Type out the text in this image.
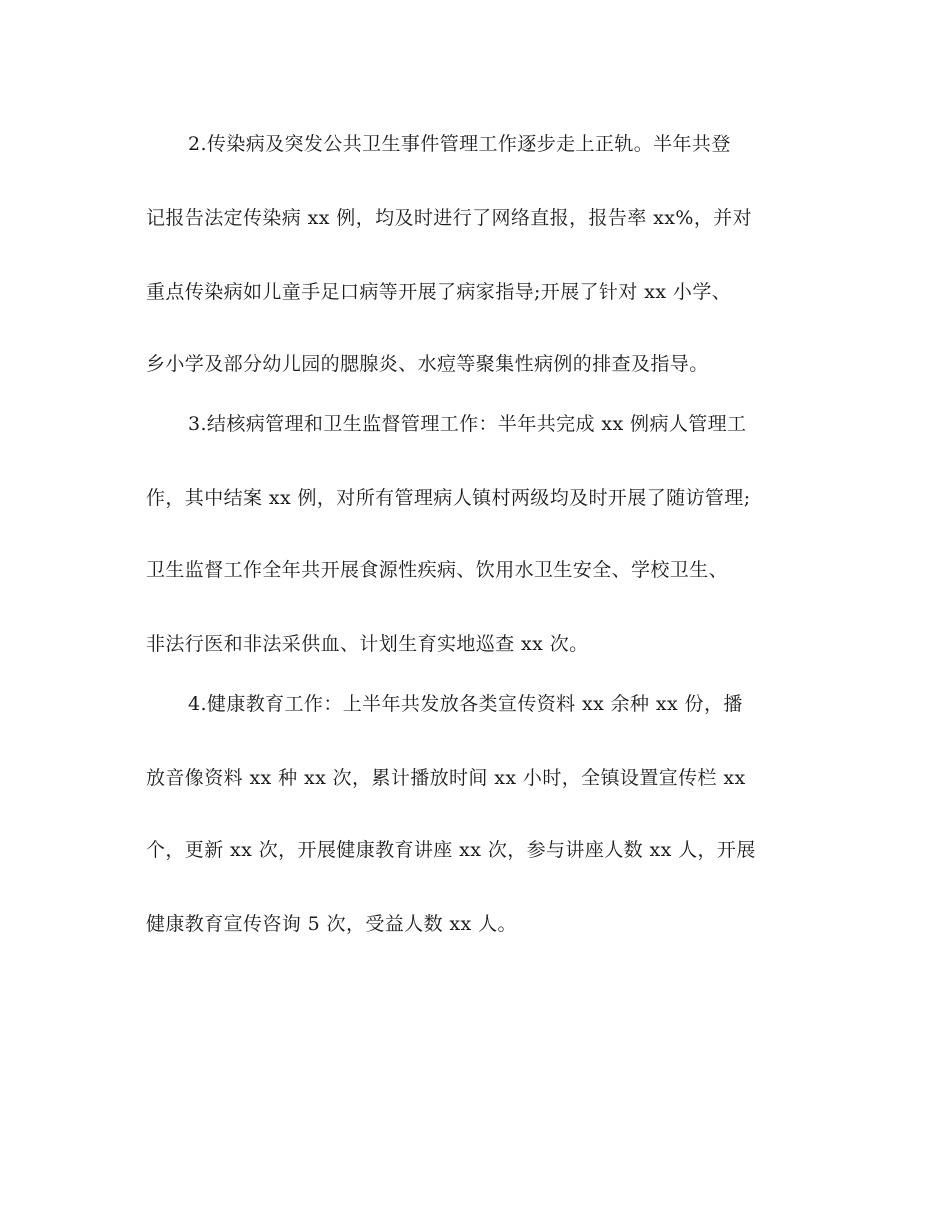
2.传染病及突发公共卫生事件管理工作逐步走上正轨。半年共登
记报告法定传染病 xx 例，均及时进行了网络直报，报告率 xx%，并对
重点传染病如儿童手足口病等开展了病家指导;开展了针对 xx 小学、
乡小学及部分幼儿园的腮腺炎、水痘等聚集性病例的排查及指导。
3.结核病管理和卫生监督管理工作：半年共完成 xx 例病人管理工
作，其中结案 xx 例，对所有管理病人镇村两级均及时开展了随访管理;
卫生监督工作全年共开展食源性疾病、饮用水卫生安全、学校卫生、
非法行医和非法采供血、计划生育实地巡查 xx 次。
4.健康教育工作：上半年共发放各类宣传资料 xx 余种 xx 份，播
放音像资料 xx 种 xx 次，累计播放时间 xx 小时，全镇设置宣传栏 xx
个，更新 xx 次，开展健康教育讲座 xx 次，参与讲座人数 xx 人，开展
健康教育宣传咨询 5 次，受益人数 xx 人。
